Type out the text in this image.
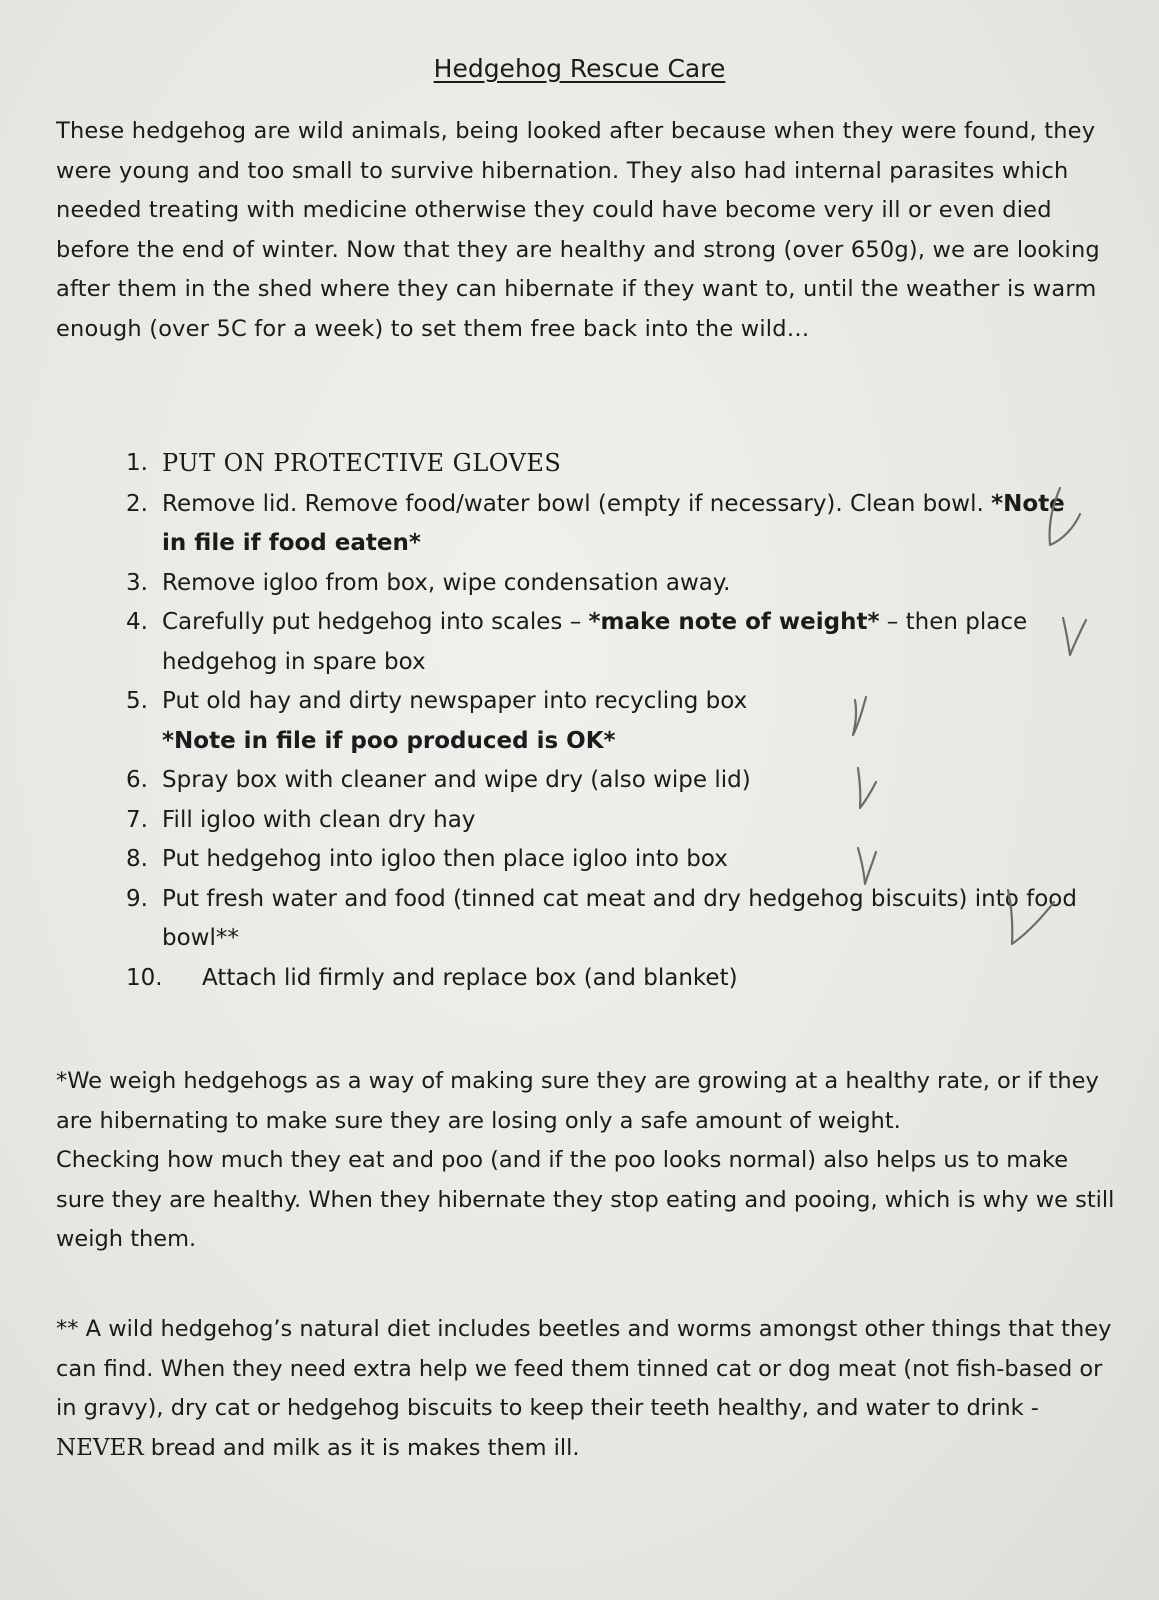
Hedgehog Rescue Care

These hedgehog are wild animals, being looked after because when they were found, they were young and too small to survive hibernation. They also had internal parasites which needed treating with medicine otherwise they could have become very ill or even died before the end of winter. Now that they are healthy and strong (over 650g), we are looking after them in the shed where they can hibernate if they want to, until the weather is warm enough (over 5C for a week) to set them free back into the wild…

1. PUT ON PROTECTIVE GLOVES
2. Remove lid. Remove food/water bowl (empty if necessary). Clean bowl. *Note in file if food eaten*
3. Remove igloo from box, wipe condensation away.
4. Carefully put hedgehog into scales – *make note of weight* – then place hedgehog in spare box
5. Put old hay and dirty newspaper into recycling box
*Note in file if poo produced is OK*
6. Spray box with cleaner and wipe dry (also wipe lid)
7. Fill igloo with clean dry hay
8. Put hedgehog into igloo then place igloo into box
9. Put fresh water and food (tinned cat meat and dry hedgehog biscuits) into food bowl**
10. Attach lid firmly and replace box (and blanket)

*We weigh hedgehogs as a way of making sure they are growing at a healthy rate, or if they are hibernating to make sure they are losing only a safe amount of weight.

Checking how much they eat and poo (and if the poo looks normal) also helps us to make sure they are healthy. When they hibernate they stop eating and pooing, which is why we still weigh them.

** A wild hedgehog’s natural diet includes beetles and worms amongst other things that they can find. When they need extra help we feed them tinned cat or dog meat (not fish-based or in gravy), dry cat or hedgehog biscuits to keep their teeth healthy, and water to drink - NEVER bread and milk as it is makes them ill.
